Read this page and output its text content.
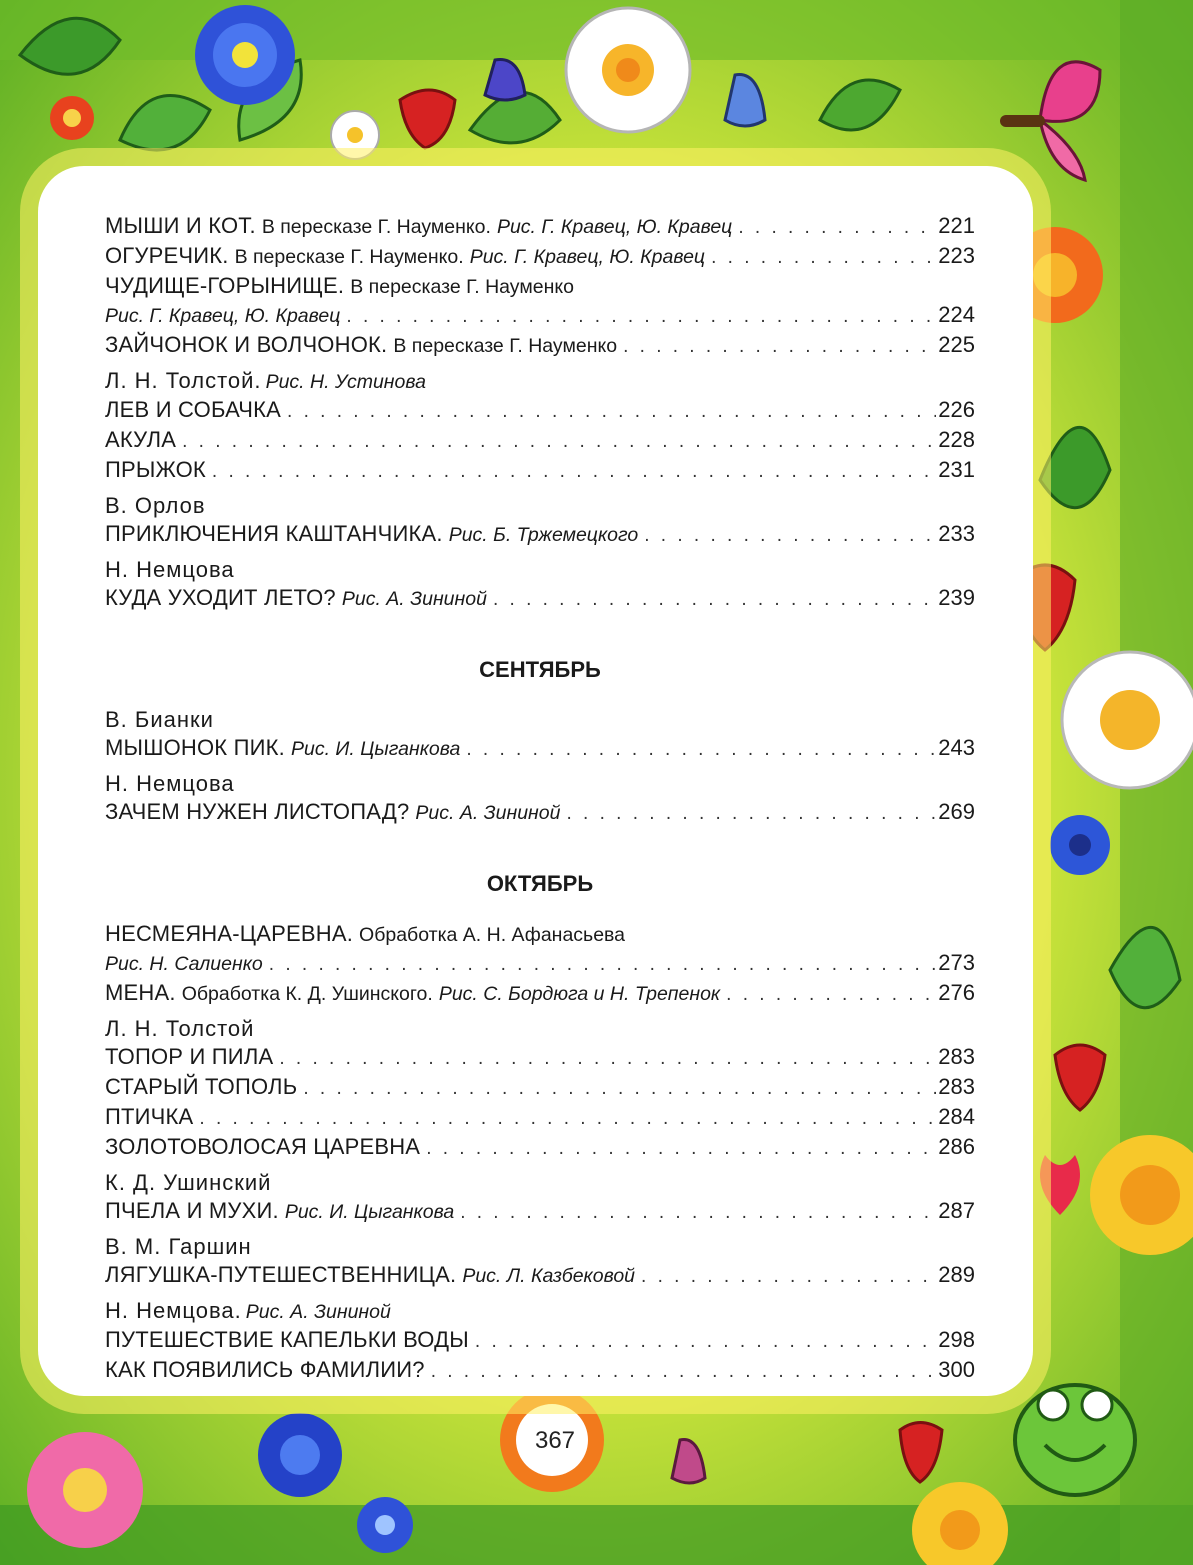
МЫШИ И КОТ. В пересказе Г. Науменко. Рис. Г. Кравец, Ю. Кравец . . .	221
ОГУРЕЧИК. В пересказе Г. Науменко. Рис. Г. Кравец, Ю. Кравец . . .	223
ЧУДИЩЕ-ГОРЫНИЩЕ. В пересказе Г. Науменко
Рис. Г. Кравец, Ю. Кравец . . .	224
ЗАЙЧОНОК И ВОЛЧОНОК. В пересказе Г. Науменко . . .	225
Л. Н. Толстой. Рис. Н. Устинова
ЛЕВ И СОБАЧКА . . .	226
АКУЛА . . .	228
ПРЫЖОК . . .	231
В. Орлов
ПРИКЛЮЧЕНИЯ КАШТАНЧИКА. Рис. Б. Тржемецкого . . .	233
Н. Немцова
КУДА УХОДИТ ЛЕТО? Рис. А. Зининой . . .	239
СЕНТЯБРЬ
В. Бианки
МЫШОНОК ПИК. Рис. И. Цыганкова . . .	243
Н. Немцова
ЗАЧЕМ НУЖЕН ЛИСТОПАД? Рис. А. Зининой . . .	269
ОКТЯБРЬ
НЕСМЕЯНА-ЦАРЕВНА. Обработка А. Н. Афанасьева
Рис. Н. Салиенко . . .	273
МЕНА. Обработка К. Д. Ушинского. Рис. С. Бордюга и Н. Трепенок . . .	276
Л. Н. Толстой
ТОПОР И ПИЛА . . .	283
СТАРЫЙ ТОПОЛЬ . . .	283
ПТИЧКА . . .	284
ЗОЛОТОВОЛОСАЯ ЦАРЕВНА . . .	286
К. Д. Ушинский
ПЧЕЛА И МУХИ. Рис. И. Цыганкова . . .	287
В. М. Гаршин
ЛЯГУШКА-ПУТЕШЕСТВЕННИЦА. Рис. Л. Казбековой . . .	289
Н. Немцова. Рис. А. Зининой
ПУТЕШЕСТВИЕ КАПЕЛЬКИ ВОДЫ . . .	298
КАК ПОЯВИЛИСЬ ФАМИЛИИ? . . .	300
367
